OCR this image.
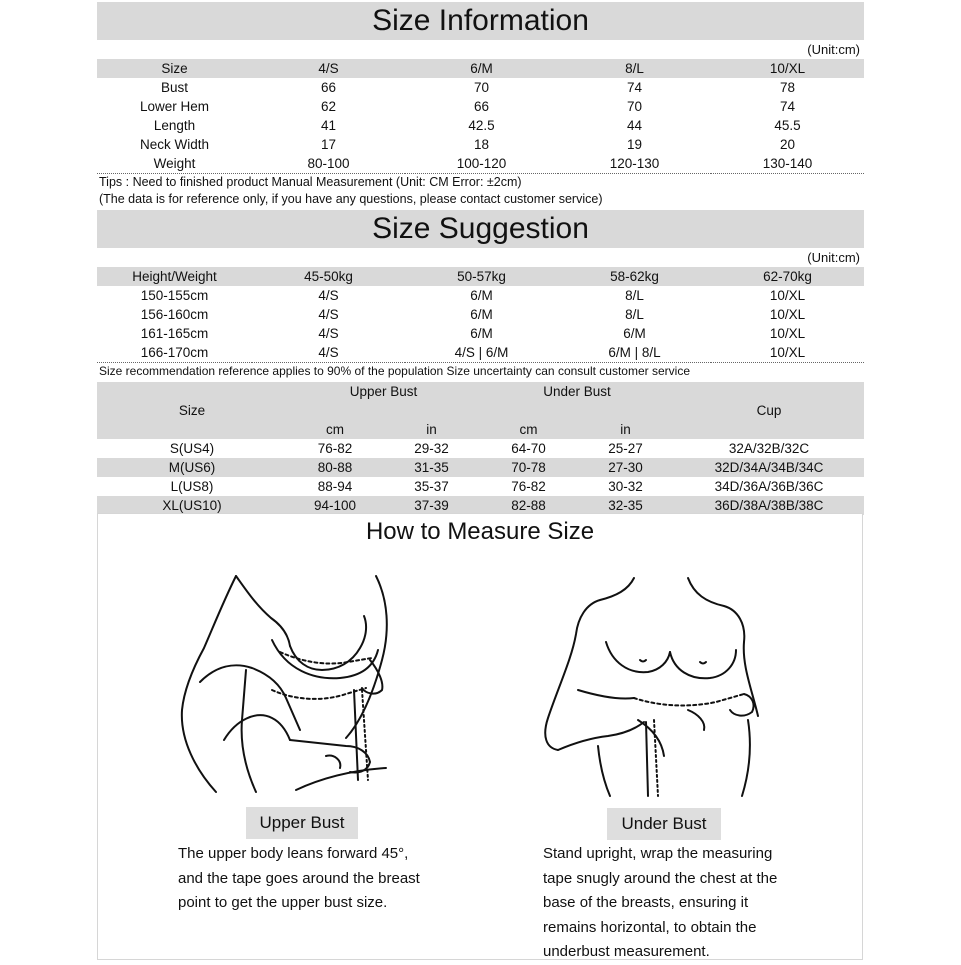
Size Information
(Unit:cm)
Size	4/S	6/M	8/L	10/XL
Bust	66	70	74	78
Lower Hem	62	66	70	74
Length	41	42.5	44	45.5
Neck Width	17	18	19	20
Weight	80-100	100-120	120-130	130-140
Tips : Need to finished product Manual Measurement (Unit: CM Error: ±2cm)
(The data is for reference only, if you have any questions, please contact customer service)
Size Suggestion
(Unit:cm)
Height/Weight	45-50kg	50-57kg	58-62kg	62-70kg
150-155cm	4/S	6/M	8/L	10/XL
156-160cm	4/S	6/M	8/L	10/XL
161-165cm	4/S	6/M	6/M	10/XL
166-170cm	4/S	4/S | 6/M	6/M | 8/L	10/XL
Size recommendation reference applies to 90% of the population Size uncertainty can consult customer service
Size	Upper Bust		Under Bust		Cup

	cm	in	cm	in	
S(US4)	76-82	29-32	64-70	25-27	32A/32B/32C
M(US6)	80-88	31-35	70-78	27-30	32D/34A/34B/34C
L(US8)	88-94	35-37	76-82	30-32	34D/36A/36B/36C
XL(US10)	94-100	37-39	82-88	32-35	36D/38A/38B/38C
How to Measure Size
Upper Bust	Under Bust
The upper body leans forward 45°,
and the tape goes around the breast
point to get the upper bust size.
Stand upright, wrap the measuring
tape snugly around the chest at the
base of the breasts, ensuring it
remains horizontal, to obtain the
underbust measurement.
